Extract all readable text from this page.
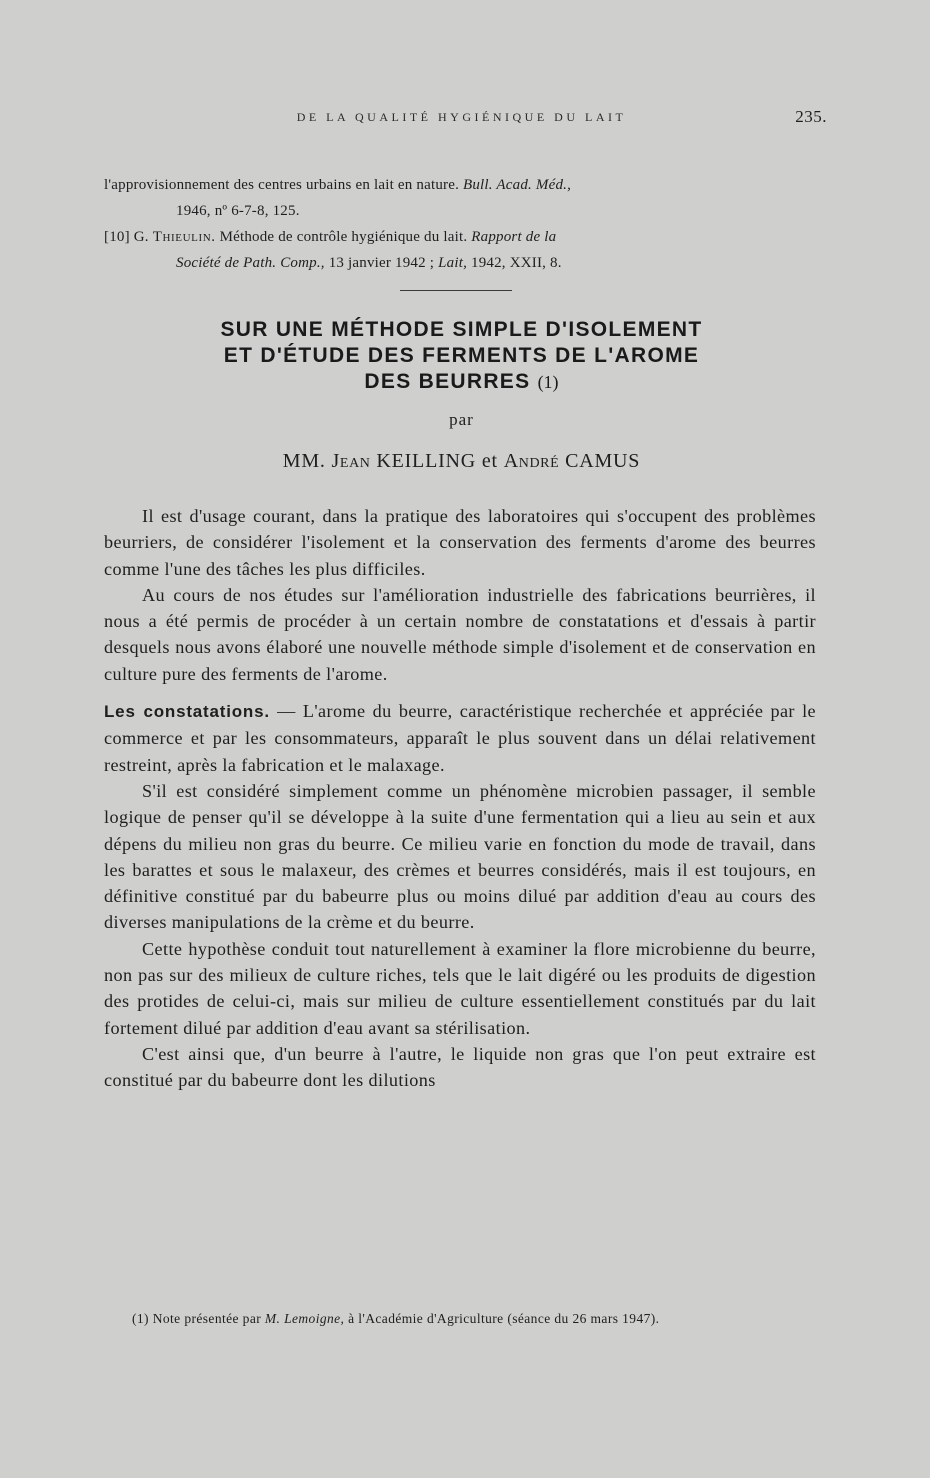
DE LA QUALITÉ HYGIÉNIQUE DU LAIT	235.

l'approvisionnement des centres urbains en lait en nature. Bull. Acad. Méd.,

1946, nº 6-7-8, 125.

[10] G. Thieulin. Méthode de contrôle hygiénique du lait. Rapport de la

Société de Path. Comp., 13 janvier 1942 ; Lait, 1942, XXII, 8.

SUR UNE MÉTHODE SIMPLE D'ISOLEMENT
ET D'ÉTUDE DES FERMENTS DE L'AROME
DES BEURRES (1)
par
MM. Jean KEILLING et André CAMUS

Il est d'usage courant, dans la pratique des laboratoires qui s'occupent des problèmes beurriers, de considérer l'isolement et la conservation des ferments d'arome des beurres comme l'une des tâches les plus difficiles.

Au cours de nos études sur l'amélioration industrielle des fabrications beurrières, il nous a été permis de procéder à un certain nombre de constatations et d'essais à partir desquels nous avons élaboré une nouvelle méthode simple d'isolement et de conservation en culture pure des ferments de l'arome.

Les constatations. — L'arome du beurre, caractéristique recherchée et appréciée par le commerce et par les consommateurs, apparaît le plus souvent dans un délai relativement restreint, après la fabrication et le malaxage.

S'il est considéré simplement comme un phénomène microbien passager, il semble logique de penser qu'il se développe à la suite d'une fermentation qui a lieu au sein et aux dépens du milieu non gras du beurre. Ce milieu varie en fonction du mode de travail, dans les barattes et sous le malaxeur, des crèmes et beurres considérés, mais il est toujours, en définitive constitué par du babeurre plus ou moins dilué par addition d'eau au cours des diverses manipulations de la crème et du beurre.

Cette hypothèse conduit tout naturellement à examiner la flore microbienne du beurre, non pas sur des milieux de culture riches, tels que le lait digéré ou les produits de digestion des protides de celui-ci, mais sur milieu de culture essentiellement constitués par du lait fortement dilué par addition d'eau avant sa stérilisation.

C'est ainsi que, d'un beurre à l'autre, le liquide non gras que l'on peut extraire est constitué par du babeurre dont les dilutions

(1) Note présentée par M. Lemoigne, à l'Académie d'Agriculture (séance du 26 mars 1947).
